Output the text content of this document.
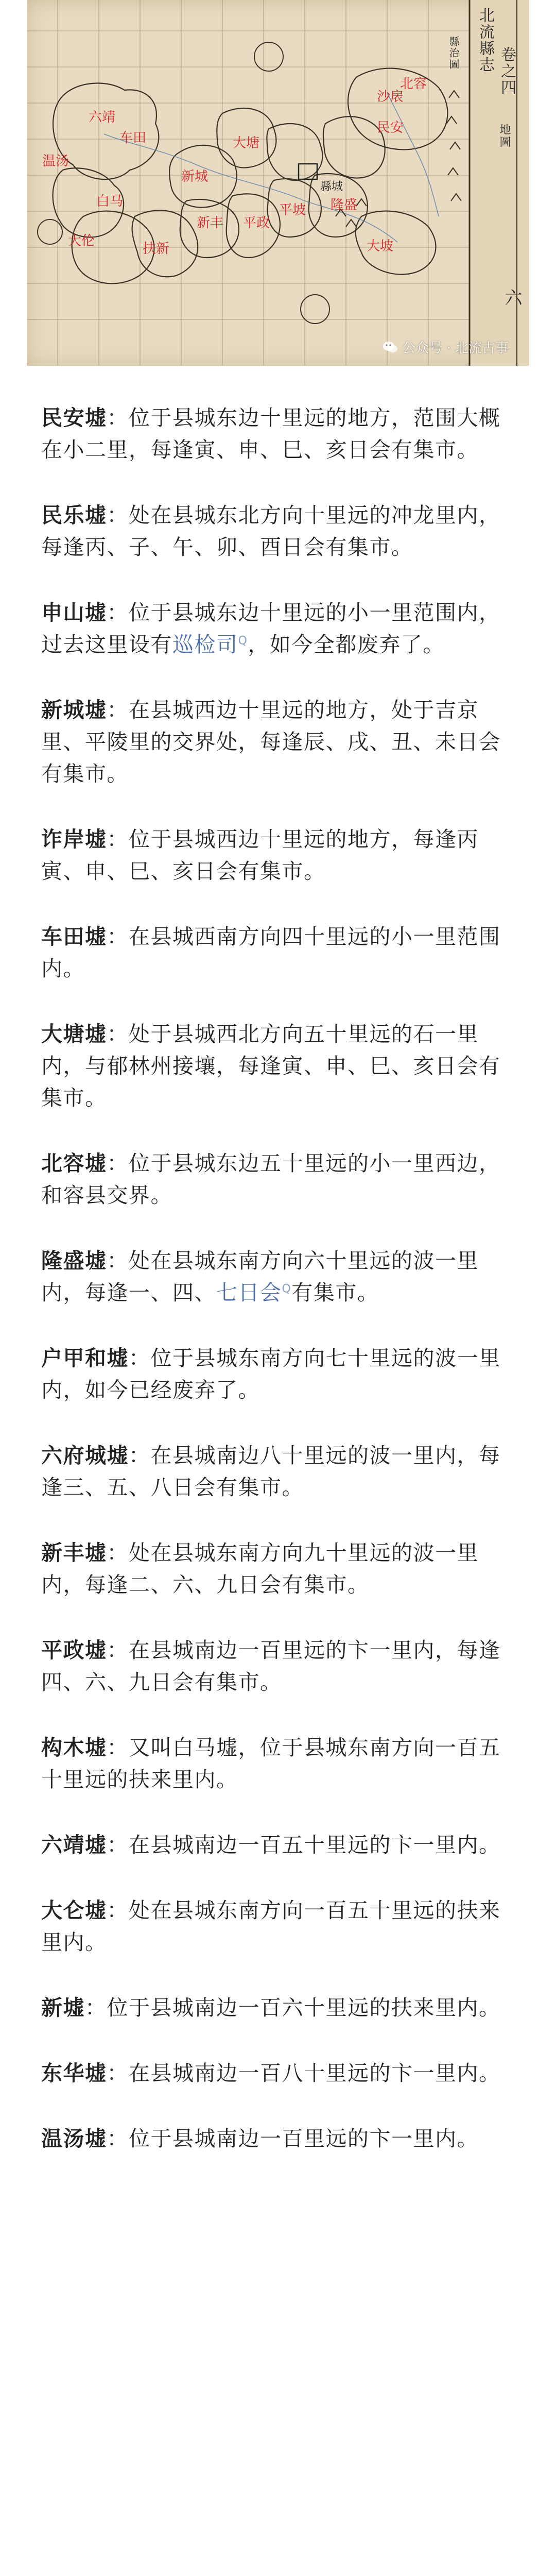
六靖
大伦
白马
扶新
温汤
新丰 平政
车田	大塘
隆盛
民安
新城
沙扆
平坡
北容
大坡
縣城
北流縣志 卷之四
地圖
縣治圖
六
公众号 · 北流古事

民安墟：位于县城东边十里远的地方，范围大概在小二里，每逢寅、申、巳、亥日会有集市。

民乐墟：处在县城东北方向十里远的冲龙里内，每逢丙、子、午、卯、酉日会有集市。

申山墟：位于县城东边十里远的小一里范围内，过去这里设有巡检司$^Q$，如今全都废弃了。

新城墟：在县城西边十里远的地方，处于吉京里、平陵里的交界处，每逢辰、戌、丑、未日会有集市。

诈岸墟：位于县城西边十里远的地方，每逢丙寅、申、巳、亥日会有集市。

车田墟：在县城西南方向四十里远的小一里范围内。

大塘墟：处于县城西北方向五十里远的石一里内，与郁林州接壤，每逢寅、申、巳、亥日会有集市。

北容墟：位于县城东边五十里远的小一里西边，和容县交界。

隆盛墟：处在县城东南方向六十里远的波一里内，每逢一、四、七日会$^Q$有集市。

户甲和墟：位于县城东南方向七十里远的波一里内，如今已经废弃了。

六府城墟：在县城南边八十里远的波一里内，每逢三、五、八日会有集市。

新丰墟：处在县城东南方向九十里远的波一里内，每逢二、六、九日会有集市。

平政墟：在县城南边一百里远的卞一里内，每逢四、六、九日会有集市。

构木墟：又叫白马墟，位于县城东南方向一百五十里远的扶来里内。

六靖墟：在县城南边一百五十里远的卞一里内。

大仑墟：处在县城东南方向一百五十里远的扶来里内。

新墟：位于县城南边一百六十里远的扶来里内。

东华墟：在县城南边一百八十里远的卞一里内。

温汤墟：位于县城南边一百里远的卞一里内。
